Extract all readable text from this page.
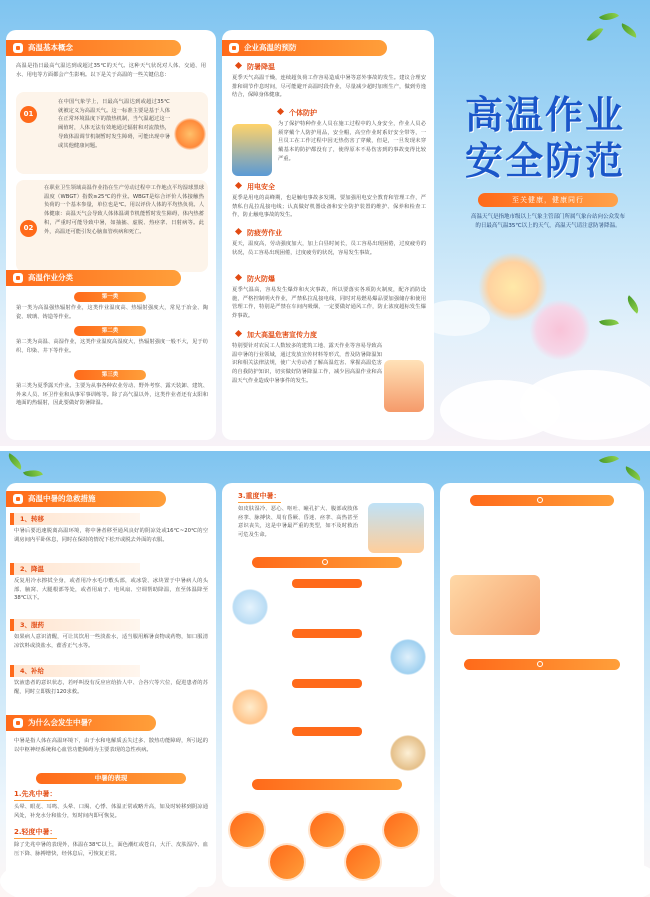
高温作业
安全防范
至关健康，健康同行
高温天气是指地市级以上气象主管部门所属气象台站向公众发布的日最高气温35℃以上的天气，高温天气请注意防暑降温。
高温基本概念
高温是指日最高气温达到或超过35℃的天气。这种天气状况对人体、交通、用水、用电等方面都会产生影响。以下是关于高温的一些关键信息：
01
在中国气象学上，日最高气温达到或超过35℃就被定义为高温天气。这一标准主要是基于人体在正常环境温度下的散热机制，当气温超过这一阈值时，人体无法有效地通过辐射和对流散热，导致体温调节机制暂时发生障碍，可能出现中暑或其他健康问题。
02
在职业卫生领域高温作业指在生产劳动过程中工作地点平均湿球黑球温度（WBGT）指数≥25℃的作业。WBGT是综合评价人体接触热负荷的一个基本参量，单位也是℃。用以评价人体的平均热负荷。人体健康：高温天气会导致人体体温调节机能暂时发生障碍，体内热蓄积，严重时可能导致中暑，如抽搐、虚脱、热痉挛、日射病等。此外，高温还可能引发心脑血管疾病和死亡。
高温作业分类
第一类
第一类为高温强热辐射作业，这类作业温度高、热辐射强度大，常见于冶金、陶瓷、玻璃、铸造等作业。
第二类
第二类为高温、高湿作业，这类作业温度高湿度大，热辐射强度一般不大，见于纺织、印染、井下等作业。
第三类
第三类为夏季露天作业。主要为从事各种农业劳动、野外考察、露天装卸、建筑、外来人员、环卫作业和从事军事训练等。除了高气温以外，这类作业者还有太阳和地面的热辐射，因此要做好防暑降温。
企业高温的预防
防暑降温
夏季天气高温干燥，连续超负荷工作容易造成中暑等意外事故的发生。建议合理安排和调节作息时间，尽可能避开高温时段作业，尽量减少超时加班生产，做到劳逸结合，保障身体健康。
个体防护
为了保护特种作业人员在施工过程中的人身安全，作业人员必须穿戴个人防护用品，安全帽，高空作业时系好安全带等，一旦员工在工作过程中因无热伤害了穿戴，但是，一旦发现未穿戴基本的防护都没有了，使得原本不易伤害到的事故变得比较严重。
用电安全
夏季是用电的高峰期，也是触电事故多发期。要加强用电安全教育和管理工作，严禁私自乱拉乱接电线；认真做好机器设备和安全防护装置的维护、保养和检查工作，防止触电事故的发生。
防疲劳作业
夏天，温度高，劳动强度加大，加上白昼时间长，员工容易出现困倦，过度疲劳的状况，员工容易出现困倦，过度疲劳的状况，容易发生事故。
防火防爆
夏季气温高，容易发生爆炸和火灾事故，所以要落实各项防火制度，配齐消防设施，严格控制明火作业，严禁私拉乱接电线，同时对易燃易爆品要加强储存和使用管理工作，特别是严禁在车间内吸烟，一定要做好通风工作，防止浓度超标发生爆炸事故。
加大高温危害宣传力度
特别要针对农民工人数较多的建筑工地、露天作业等容易导致高温中暑的行业领域，通过发放宣传材料等形式，普及防暑降温知识和相关法律法规，使广大劳动者了解高温危害、掌握高温危害的自我防护知识，切实做好防暑降温工作，减少因高温作业和高温天气作业造成中暑事件的发生。
高温中暑的急救措施
1、转移
中暑后要迅速脱离高温环境，将中暑者移至通风良好的阴凉处或16℃~20℃的空调房间内平卧休息，同时在保持的情况下松开或脱去外面的衣服。
2、降温
反复用冷水擦拭全身，或者用冷水毛巾敷头部，或冰袋、冰块置于中暑病人的头部、腋窝、大腿根部等处，或者用扇子、电风扇、空调帮助降温，直至体温降至38℃以下。
3、服药
如果病人意识清醒，可让其饮用一些淡盐水，适当服用解暑食物或药物，如口服清凉饮料或淡盐水，藿香正气水等。
4、补给
饮液患者的意识状态，若呼叫没有反应应给抬人中、合谷穴等穴位，促进患者的苏醒，同时立即拨打120求救。
为什么会发生中暑？
中暑是指人体在高温环境下，由于水和电解质丢失过多、散热功能障碍，所引起的以中枢神经系统和心血管功能障碍为主要表现的急性疾病。
中暑的表现
1.先兆中暑：
头晕、眼花、耳鸣、头晕、口渴、心悸、体温正常或略升高，如及时转移到阴凉通风处，补充水分和盐分，短时间内即可恢复。
2.轻度中暑：
除了先兆中暑的表现外，体温在38℃以上，面色潮红或苍白，大汗、皮肤湿冷、血压下降、脉搏增快，经休息后，可恢复正常。
3.重度中暑：
如皮肤湿冷、恶心、呕吐、瞳孔扩大、腹部或肢体痉挛、脉搏快、周有昏厥、昏迷、痉挛、高热甚至意识丧失，这是中暑最严重的类型，如不及时救治可危及生命。
